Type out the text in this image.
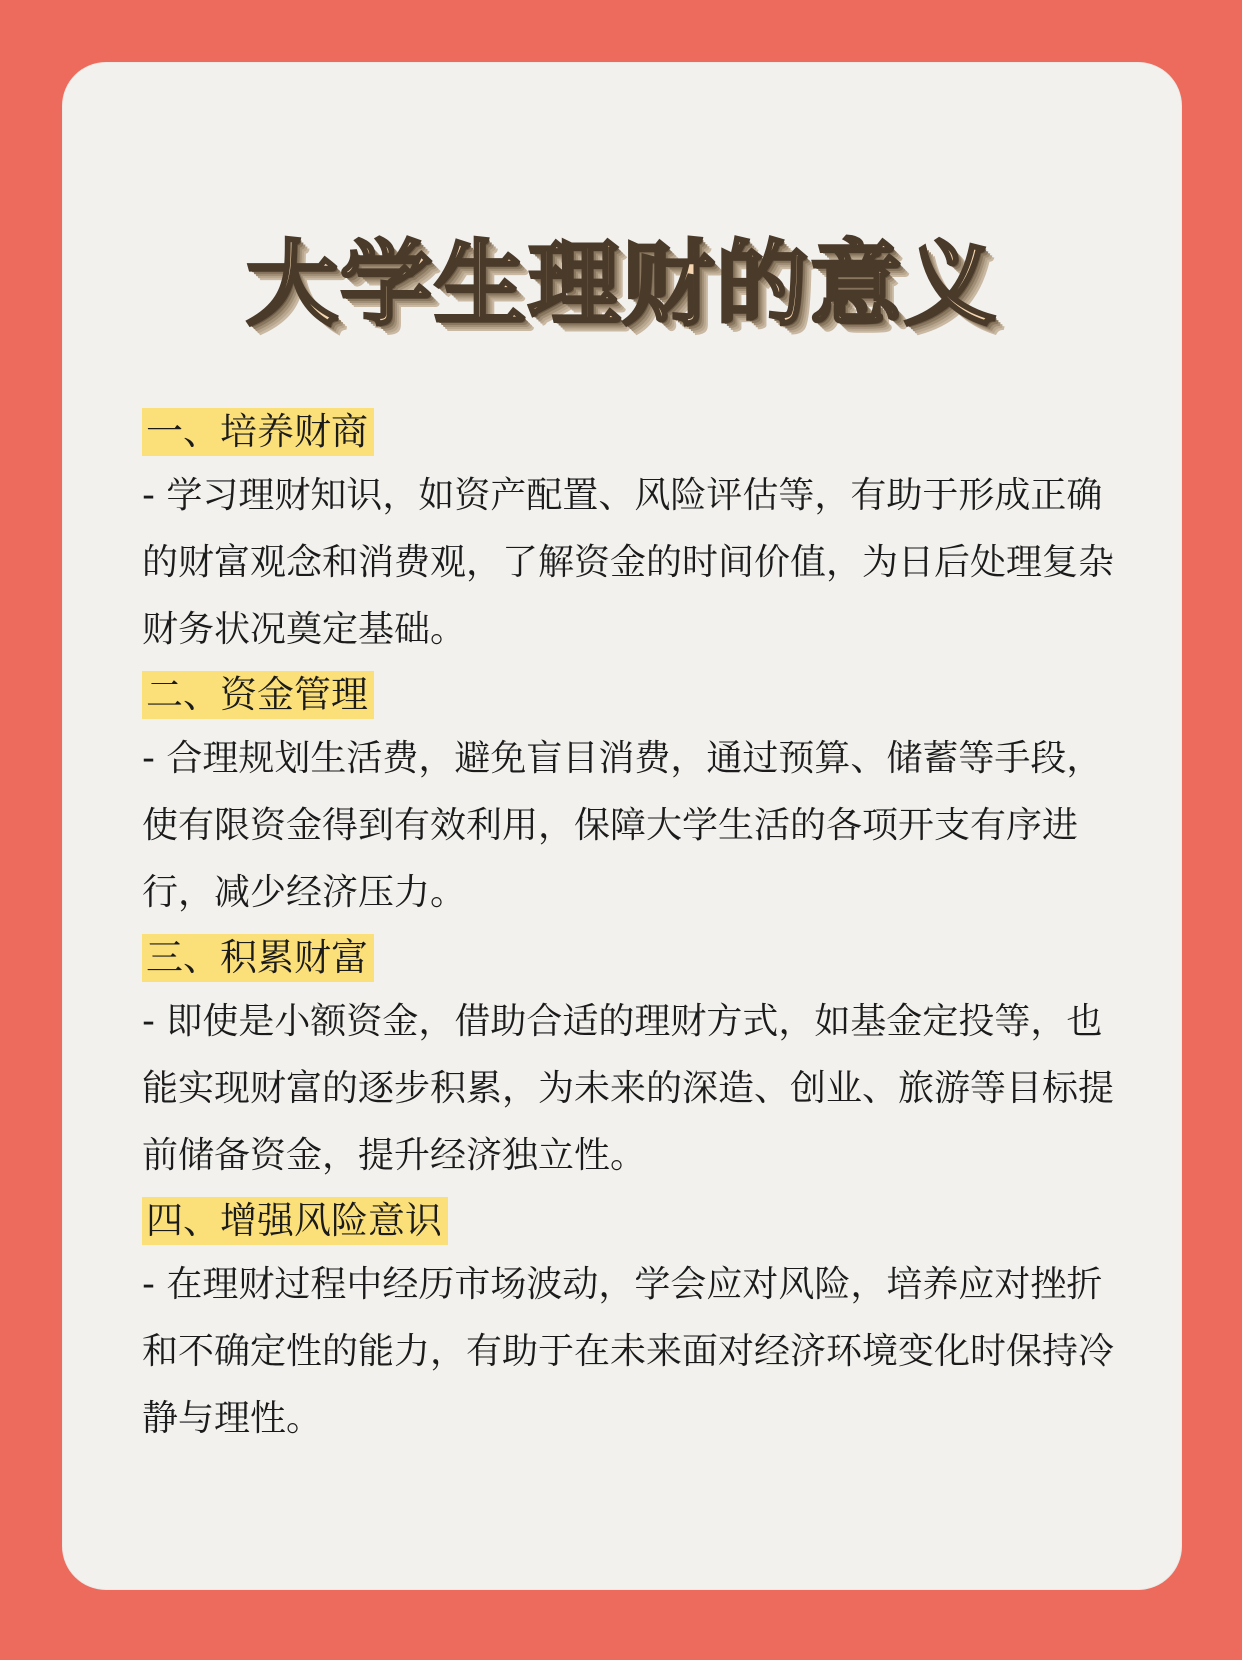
大学生理财的意义
一、培养财商

- 学习理财知识，如资产配置、风险评估等，有助于形成正确的财富观念和消费观，了解资金的时间价值，为日后处理复杂财务状况奠定基础。

二、资金管理

- 合理规划生活费，避免盲目消费，通过预算、储蓄等手段，使有限资金得到有效利用，保障大学生活的各项开支有序进行，减少经济压力。

三、积累财富

- 即使是小额资金，借助合适的理财方式，如基金定投等，也能实现财富的逐步积累，为未来的深造、创业、旅游等目标提前储备资金，提升经济独立性。

四、增强风险意识

- 在理财过程中经历市场波动，学会应对风险，培养应对挫折和不确定性的能力，有助于在未来面对经济环境变化时保持冷静与理性。
